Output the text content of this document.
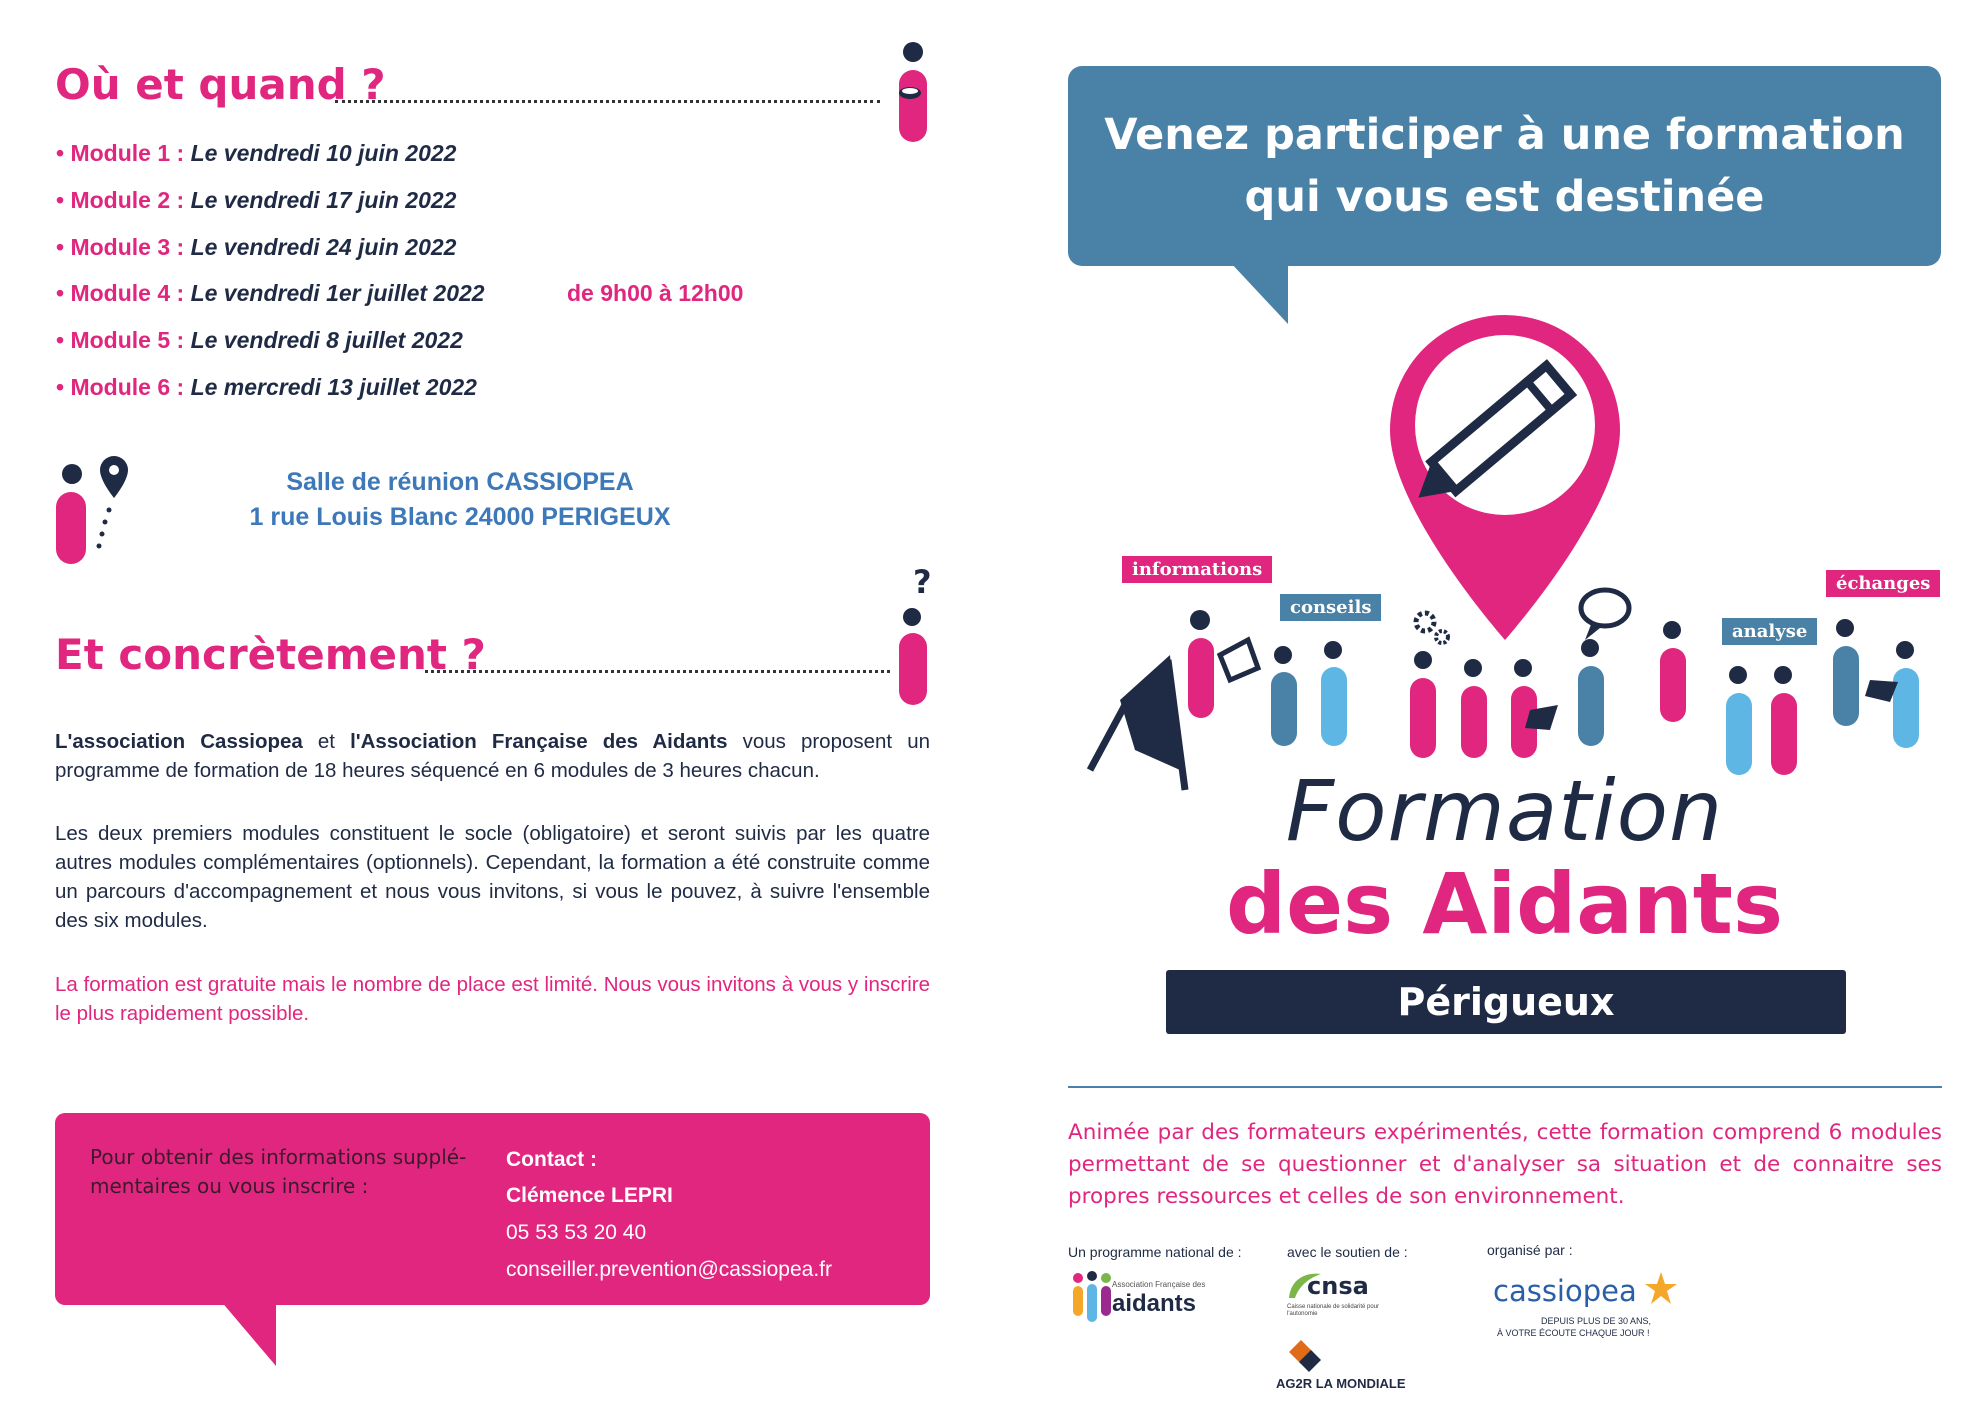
Où et quand ?
• Module 1 : Le vendredi 10 juin 2022
• Module 2 : Le vendredi 17 juin 2022
• Module 3 : Le vendredi 24 juin 2022
• Module 4 : Le vendredi 1er juillet 2022	de 9h00 à 12h00
• Module 5 : Le vendredi 8 juillet 2022
• Module 6 : Le mercredi 13 juillet 2022
Salle de réunion CASSIOPEA
1 rue Louis Blanc 24000 PERIGEUX
Et concrètement ?
?
L'association Cassiopea et l'Association Française des Aidants vous proposent un programme de formation de 18 heures séquencé en 6 modules de 3 heures chacun.
Les deux premiers modules constituent le socle (obligatoire) et seront suivis par les quatre autres modules complémentaires (optionnels). Cependant, la formation a été construite comme un parcours d'accompagnement et nous vous invitons, si vous le pouvez, à suivre l'ensemble des six modules.
La formation est gratuite mais le nombre de place est limité. Nous vous invitons à vous y inscrire le plus rapidement possible.
Pour obtenir des informations supplé-mentaires ou vous inscrire :
Contact :
Clémence LEPRI
05 53 53 20 40
conseiller.prevention@cassiopea.fr
Venez participer à une formation
qui vous est destinée
informations
conseils
analyse
échanges
Formation
des Aidants
Périgueux
Animée par des formateurs expérimentés, cette formation comprend 6 modules permettant de se questionner et d'analyser sa situation et de connaitre ses propres ressources et celles de son environnement.
Un programme national de :	avec le soutien de :	organisé par :
Association Française des
aidants
cnsa
Caisse nationale de solidarité pour l'autonomie
AG2R LA MONDIALE
cassiopea
DEPUIS PLUS DE 30 ANS,
À VOTRE ÉCOUTE CHAQUE JOUR !
